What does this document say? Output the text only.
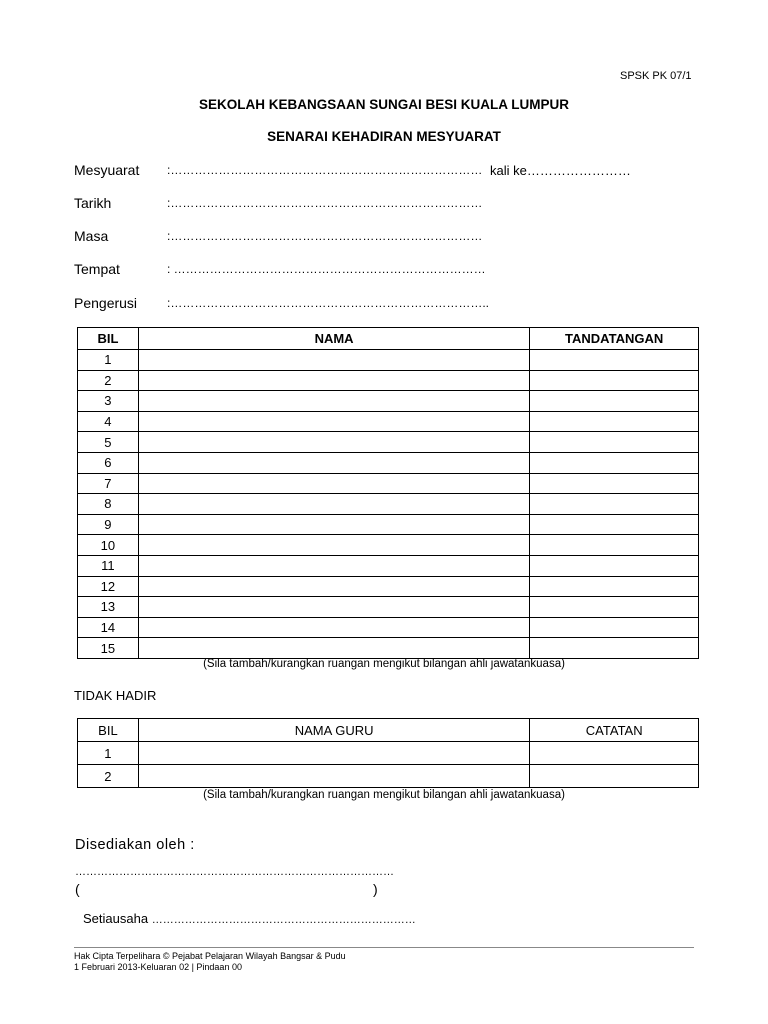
SPSK PK 07/1
SEKOLAH KEBANGSAAN SUNGAI BESI KUALA LUMPUR
SENARAI KEHADIRAN MESYUARAT
Mesyuarat :…………………………………………………………………… kali ke……………………
Tarikh	:……………………………………………………………………
Masa	:……………………………………………………………………
Tempat	: ……………………………………………………………………
Pengerusi :……………………………………………………………………..
BIL	NAMA	TANDATANGAN
1		
2		
3		
4		
5		
6		
7		
8		
9		
10		
11		
12		
13		
14		
15		
(Sila tambah/kurangkan ruangan mengikut bilangan ahli jawatankuasa)
TIDAK HADIR
BIL	NAMA GURU	CATATAN
1		
2		
(Sila tambah/kurangkan ruangan mengikut bilangan ahli jawatankuasa)
Disediakan oleh :
……………………………………………………………………………
(	)
Setiausaha ………………………………………………………………
Hak Cipta Terpelihara © Pejabat Pelajaran Wilayah Bangsar & Pudu
1 Februari 2013-Keluaran 02 | Pindaan 00
